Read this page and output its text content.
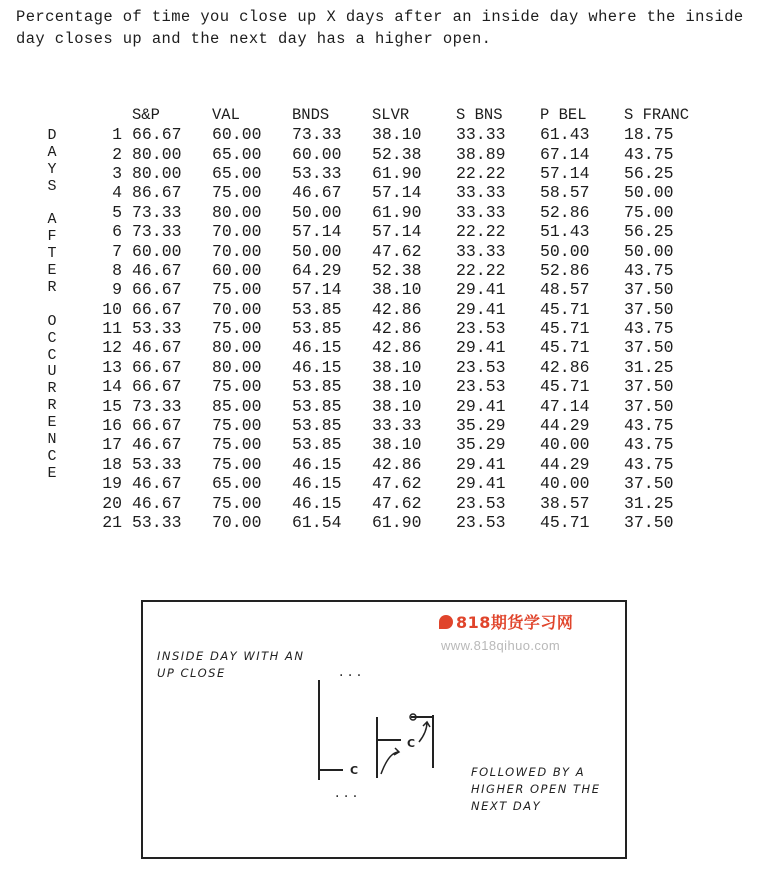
Percentage of time you close up X days after an inside day where the inside day closes up and the next day has a higher open.
D
A
Y
S

A
F
T
E
R

O
C
C
U
R
R
E
N
C
E
	S&P	VAL	BNDS	SLVR	S BNS	P BEL	S FRANC
1	66.67	60.00	73.33	38.10	33.33	61.43	18.75
2	80.00	65.00	60.00	52.38	38.89	67.14	43.75
3	80.00	65.00	53.33	61.90	22.22	57.14	56.25
4	86.67	75.00	46.67	57.14	33.33	58.57	50.00
5	73.33	80.00	50.00	61.90	33.33	52.86	75.00
6	73.33	70.00	57.14	57.14	22.22	51.43	56.25
7	60.00	70.00	50.00	47.62	33.33	50.00	50.00
8	46.67	60.00	64.29	52.38	22.22	52.86	43.75
9	66.67	75.00	57.14	38.10	29.41	48.57	37.50
10	66.67	70.00	53.85	42.86	29.41	45.71	37.50
11	53.33	75.00	53.85	42.86	23.53	45.71	43.75
12	46.67	80.00	46.15	42.86	29.41	45.71	37.50
13	66.67	80.00	46.15	38.10	23.53	42.86	31.25
14	66.67	75.00	53.85	38.10	23.53	45.71	37.50
15	73.33	85.00	53.85	38.10	29.41	47.14	37.50
16	66.67	75.00	53.85	33.33	35.29	44.29	43.75
17	46.67	75.00	53.85	38.10	35.29	40.00	43.75
18	53.33	75.00	46.15	42.86	29.41	44.29	43.75
19	46.67	65.00	46.15	47.62	29.41	40.00	37.50
20	46.67	75.00	46.15	47.62	23.53	38.57	31.25
21	53.33	70.00	61.54	61.90	23.53	45.71	37.50
818期货学习网
www.818qihuo.com
INSIDE DAY WITH AN UP CLOSE
FOLLOWED BY A HIGHER OPEN THE NEXT DAY
C
C
· · ·
· · ·
